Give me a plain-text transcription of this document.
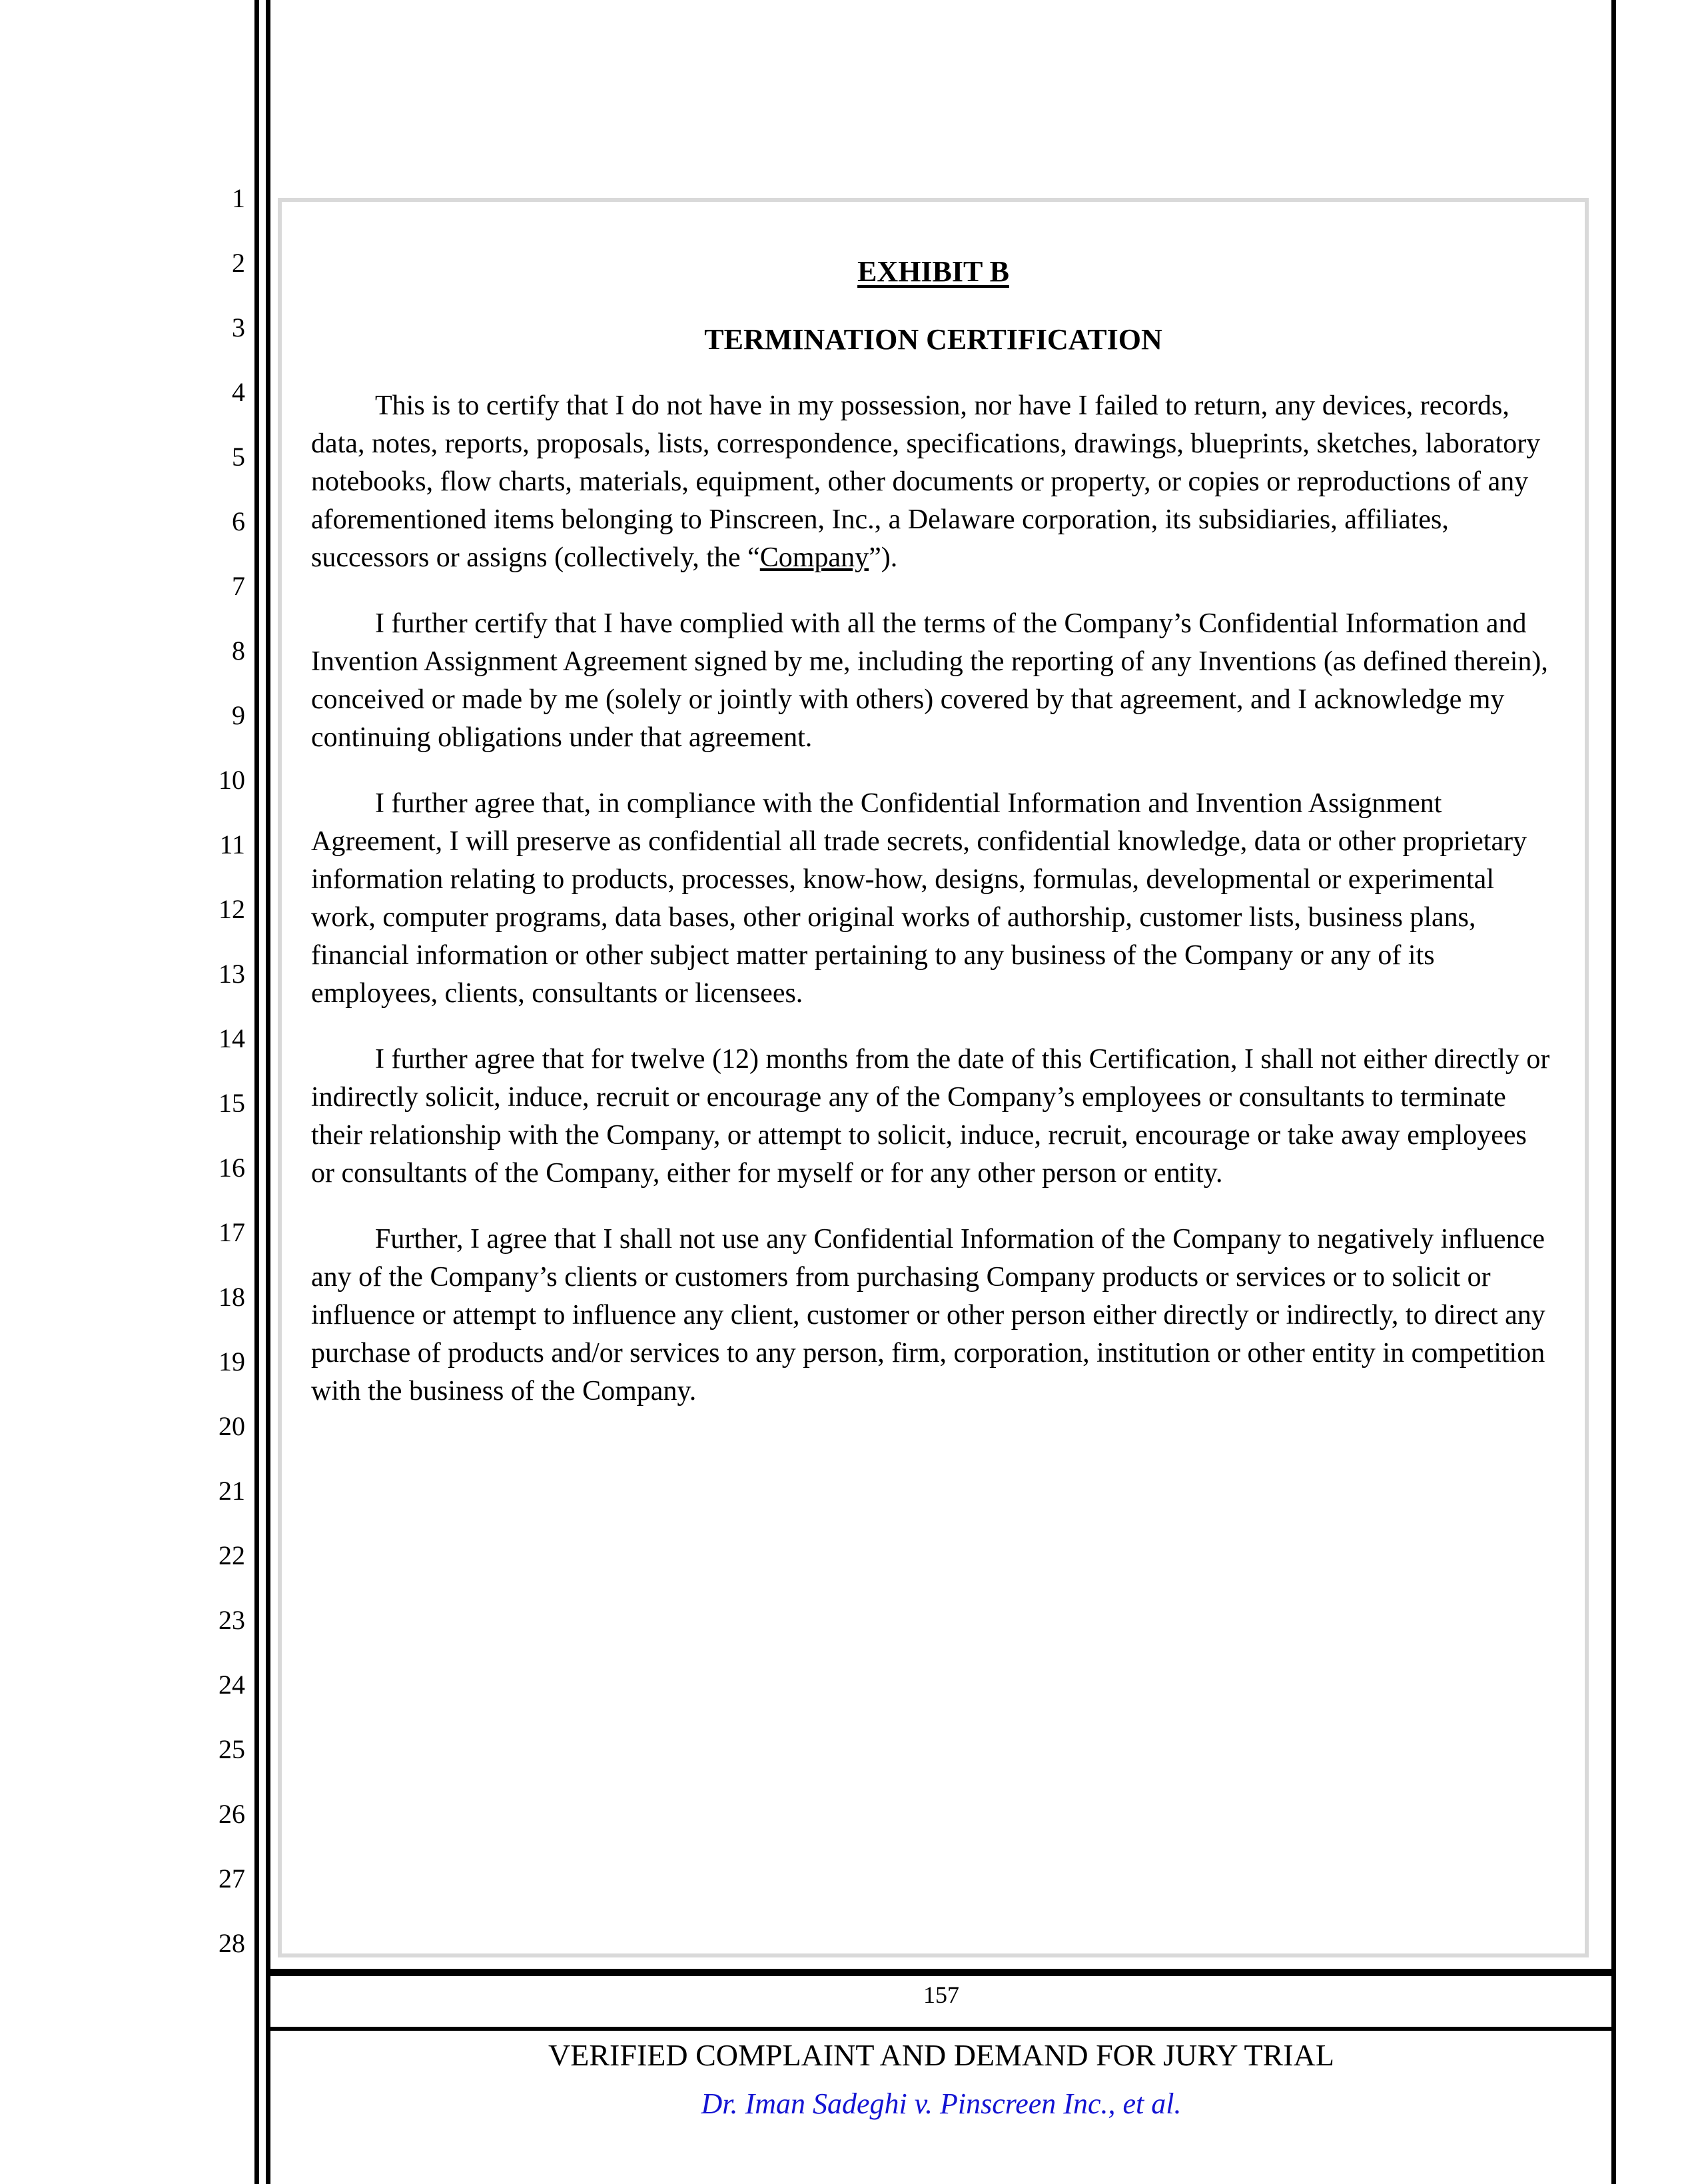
1
2
3
4
5
6
7
8
9
10
11
12
13
14
15
16
17
18
19
20
21
22
23
24
25
26
27
28
EXHIBIT B
TERMINATION CERTIFICATION

This is to certify that I do not have in my possession, nor have I failed to return, any devices, records, data, notes, reports, proposals, lists, correspondence, specifications, drawings, blueprints, sketches, laboratory notebooks, flow charts, materials, equipment, other documents or property, or copies or reproductions of any aforementioned items belonging to Pinscreen, Inc., a Delaware corporation, its subsidiaries, affiliates, successors or assigns (collectively, the “Company”).

I further certify that I have complied with all the terms of the Company’s Confidential Information and Invention Assignment Agreement signed by me, including the reporting of any Inventions (as defined therein), conceived or made by me (solely or jointly with others) covered by that agreement, and I acknowledge my continuing obligations under that agreement.

I further agree that, in compliance with the Confidential Information and Invention Assignment Agreement, I will preserve as confidential all trade secrets, confidential knowledge, data or other proprietary information relating to products, processes, know-how, designs, formulas, developmental or experimental work, computer programs, data bases, other original works of authorship, customer lists, business plans, financial information or other subject matter pertaining to any business of the Company or any of its employees, clients, consultants or licensees.

I further agree that for twelve (12) months from the date of this Certification, I shall not either directly or indirectly solicit, induce, recruit or encourage any of the Company’s employees or consultants to terminate their relationship with the Company, or attempt to solicit, induce, recruit, encourage or take away employees or consultants of the Company, either for myself or for any other person or entity.

Further, I agree that I shall not use any Confidential Information of the Company to negatively influence any of the Company’s clients or customers from purchasing Company products or services or to solicit or influence or attempt to influence any client, customer or other person either directly or indirectly, to direct any purchase of products and/or services to any person, firm, corporation, institution or other entity in competition with the business of the Company.

157
VERIFIED COMPLAINT AND DEMAND FOR JURY TRIAL
Dr. Iman Sadeghi v. Pinscreen Inc., et al.
